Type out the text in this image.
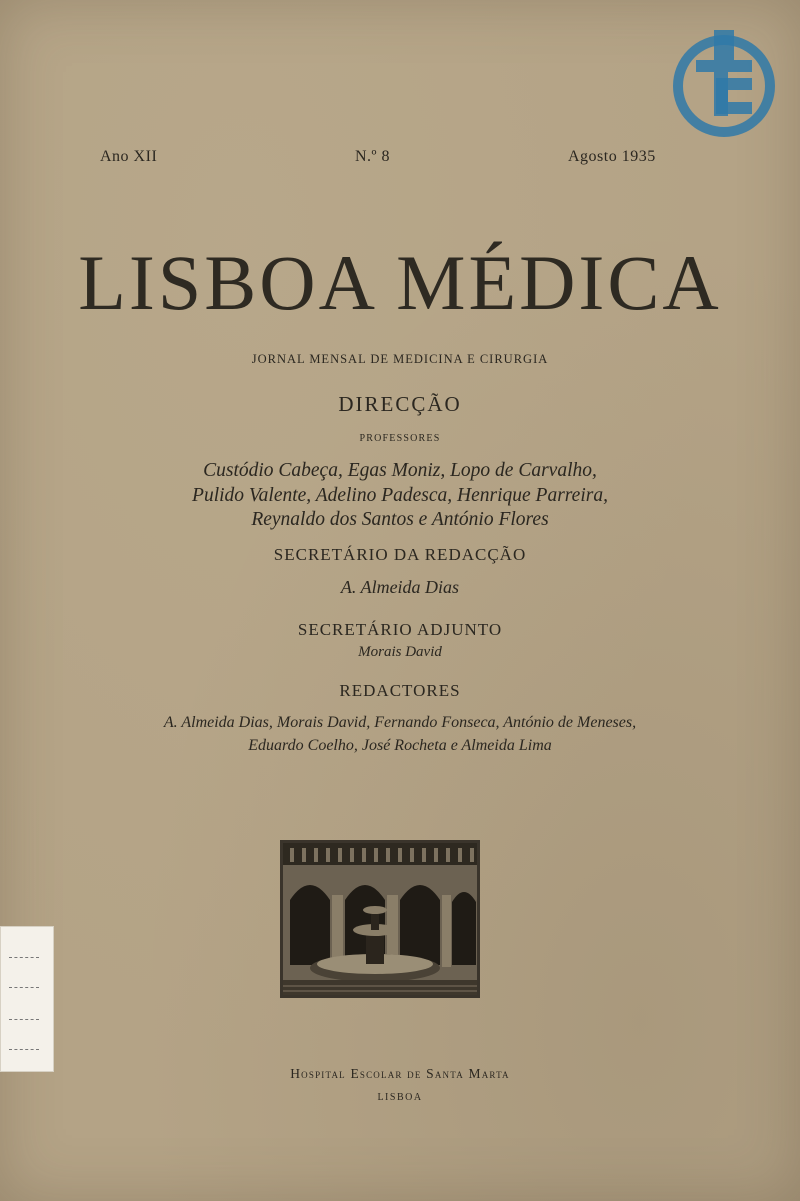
Ano XII	N.º 8	Agosto 1935
LISBOA MÉDICA
JORNAL MENSAL DE MEDICINA E CIRURGIA
DIRECÇÃO
PROFESSORES
Custódio Cabeça, Egas Moniz, Lopo de Carvalho,
Pulido Valente, Adelino Padesca, Henrique Parreira,
Reynaldo dos Santos e António Flores
SECRETÁRIO DA REDACÇÃO
A. Almeida Dias
SECRETÁRIO ADJUNTO
Morais David
REDACTORES
A. Almeida Dias, Morais David, Fernando Fonseca, António de Meneses,
Eduardo Coelho, José Rocheta e Almeida Lima
Hospital Escolar de Santa Marta
LISBOA
